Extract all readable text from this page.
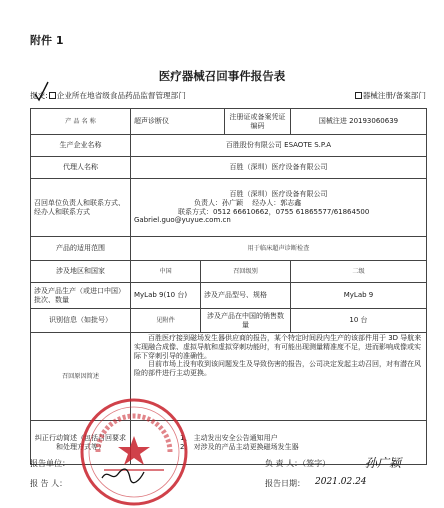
附件 1
医疗器械召回事件报告表
提交: 企业所在地省级食品药品监督管理部门	器械注册/备案部门
产 品 名 称	超声诊断仪		注册证或备案凭证编码	国械注进 20193060639
生产企业名称	百胜股份有限公司 ESAOTE S.P.A			
代理人名称	百胜（深圳）医疗设备有限公司			
召回单位负责人和联系方式、经办人和联系方式	百胜（深圳）医疗设备有限公司
负责人：孙广颖　 经办人：郭志鑫
联系方式：0512 66610662，0755 61865577/61864500
Gabriel.guo@yuyue.com.cn			

产品的适用范围	用于临床超声诊断检查			
涉及地区和国家	中国	召回级别		二级
涉及产品生产（或进口中国）批次、数量	MyLab 9(10 台)	涉及产品型号、规格		MyLab 9
识别信息（如批号）	见附件	涉及产品在中国的销售数量		10 台
召回原因简述	百胜医疗接到磁场发生器供应商的报告，某个特定时间段内生产的该部件用于 3D 导航来实现融合成像、虚拟导航和虚拟穿刺功能时，有可能出现测量精准度不足，进而影响成像或实际下穿刺引导的准确性。
目前市场上没有收到该问题发生及导致伤害的报告，公司决定发起主动召回，对有潜在风险的部件进行主动更换。			

纠正行动简述（包括召回要求和处理方式等）	1、 主动发出安全公告通知用户
2、 对涉及的产品主动更换磁场发生器			
报告单位：
报 告 人：
负 责 人：（签字）
报告日期：
孙广颖
2021.02.24
